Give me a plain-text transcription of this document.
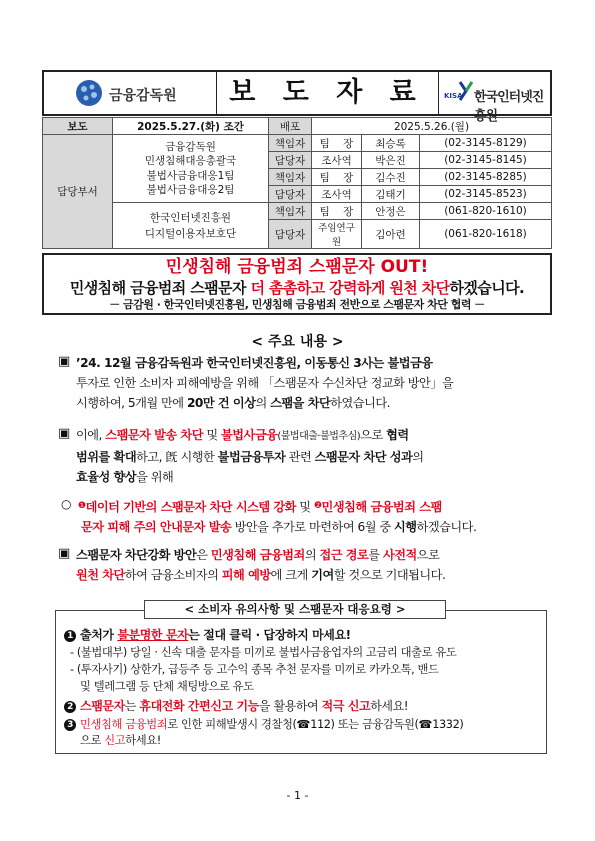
금융감독원	보 도 자 료	KISA 한국인터넷진흥원
보도	2025.5.27.(화) 조간	배포	2025.5.26.(월)		
담당부서	금융감독원
민생침해대응총괄국
불법사금융대응1팀
불법사금융대응2팀	책임자	팀    장	최승록	(02-3145-8129)
		담당자	조사역	박은진	(02-3145-8145)
		책임자	팀    장	김수진	(02-3145-8285)
		담당자	조사역	김태기	(02-3145-8523)

	한국인터넷진흥원
디지털이용자보호단	책임자	팀    장	안정은	(061-820-1610)
		담당자	주임연구원	김아련	(061-820-1618)
민생침해 금융범죄 스팸문자 OUT!
민생침해 금융범죄 스팸문자 더 촘촘하고 강력하게 원천 차단하겠습니다.
－ 금감원 · 한국인터넷진흥원, 민생침해 금융범죄 전반으로 스팸문자 차단 협력 －
< 주요 내용 >
▣ ’24. 12월 금융감독원과 한국인터넷진흥원, 이동통신 3사는 불법금융
투자로 인한 소비자 피해예방을 위해 「스팸문자 수신차단 정교화 방안」을
시행하여, 5개월 만에 20만 건 이상의 스팸을 차단하였습니다.
▣ 이에, 스팸문자 발송 차단 및 불법사금융(불법대출·불법추심)으로 협력
범위를 확대하고, 旣 시행한 불법금융투자 관련 스팸문자 차단 성과의
효율성 향상을 위해
○ $^❶$데이터 기반의 스팸문자 차단 시스템 강화 및 $^❷$민생침해 금융범죄 스팸
문자 피해 주의 안내문자 발송 방안을 추가로 마련하여 6월 중 시행하겠습니다.
▣ 스팸문자 차단강화 방안은 민생침해 금융범죄의 접근 경로를 사전적으로
원천 차단하여 금융소비자의 피해 예방에 크게 기여할 것으로 기대됩니다.
1 출처가 불분명한 문자는 절대 클릭 · 답장하지 마세요!
- (불법대부) 당일 · 신속 대출 문자를 미끼로 불법사금융업자의 고금리 대출로 유도
- (투자사기) 상한가, 급등주 등 고수익 종목 추천 문자를 미끼로 카카오톡, 밴드
및 텔레그램 등 단체 채팅방으로 유도
2 스팸문자는 휴대전화 간편신고 기능을 활용하여 적극 신고하세요!
3 민생침해 금융범죄로 인한 피해발생시 경찰청(☎112) 또는 금융감독원(☎1332)
으로 신고하세요!
< 소비자 유의사항 및 스팸문자 대응요령 >
- 1 -
